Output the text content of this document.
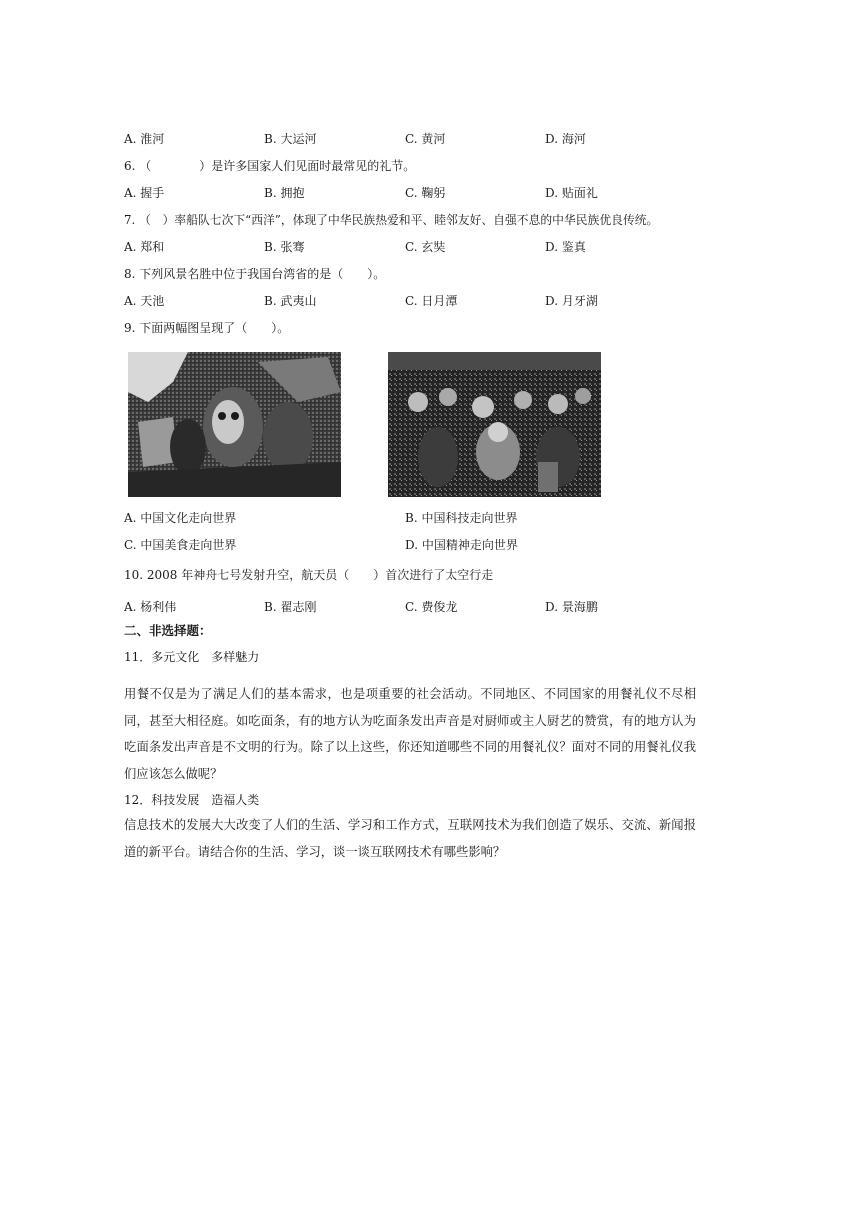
A. 淮河	B. 大运河	C. 黄河	D. 海河
6. （　　　　）是许多国家人们见面时最常见的礼节。
A. 握手	B. 拥抱	C. 鞠躬	D. 贴面礼
7. （　）率船队七次下“西洋”，体现了中华民族热爱和平、睦邻友好、自强不息的中华民族优良传统。
A. 郑和	B. 张骞	C. 玄奘	D. 鉴真
8. 下列风景名胜中位于我国台湾省的是（　　）。
A. 天池	B. 武夷山	C. 日月潭	D. 月牙湖
9. 下面两幅图呈现了（　　）。
A. 中国文化走向世界	B. 中国科技走向世界
C. 中国美食走向世界	D. 中国精神走向世界
10. 2008 年神舟七号发射升空，航天员（　　）首次进行了太空行走
A. 杨利伟	B. 翟志刚	C. 费俊龙	D. 景海鹏
二、非选择题：
11．多元文化　多样魅力
用餐不仅是为了满足人们的基本需求，也是项重要的社会活动。不同地区、不同国家的用餐礼仪不尽相同，甚至大相径庭。如吃面条，有的地方认为吃面条发出声音是对厨师或主人厨艺的赞赏，有的地方认为吃面条发出声音是不文明的行为。除了以上这些，你还知道哪些不同的用餐礼仪？面对不同的用餐礼仪我们应该怎么做呢？
12．科技发展　造福人类
信息技术的发展大大改变了人们的生活、学习和工作方式，互联网技术为我们创造了娱乐、交流、新闻报道的新平台。请结合你的生活、学习，谈一谈互联网技术有哪些影响？
